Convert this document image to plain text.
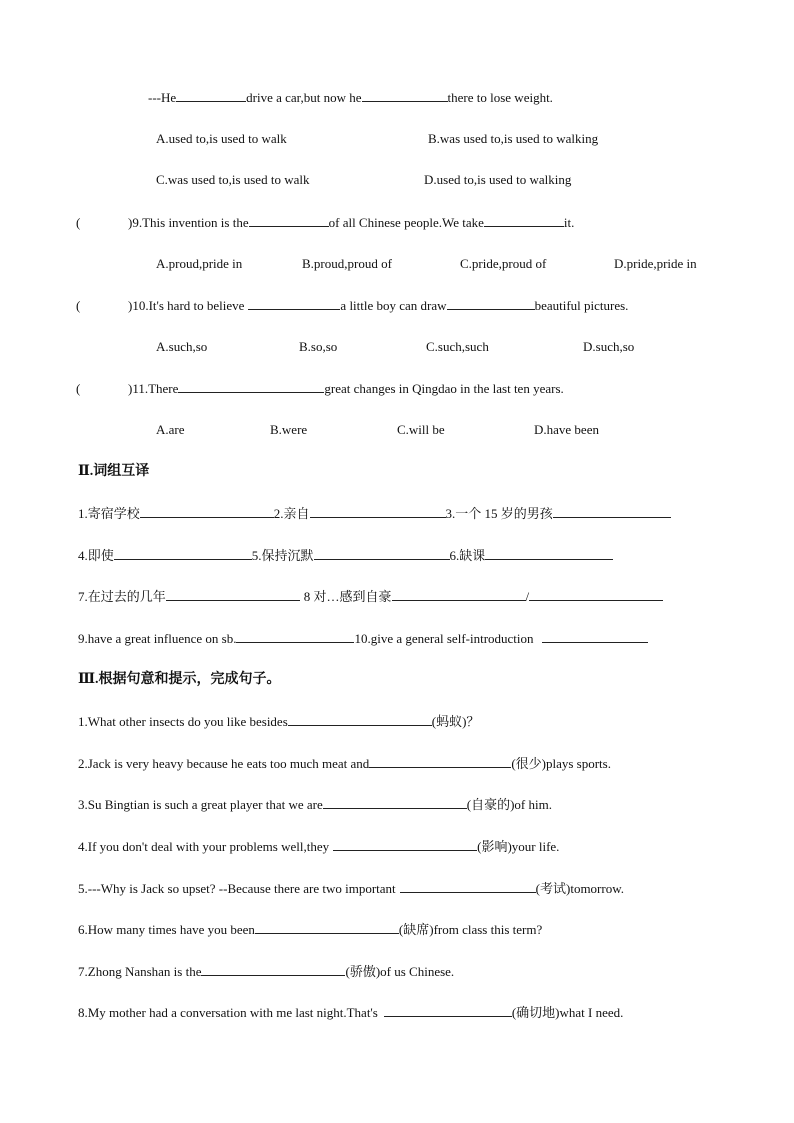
---He	drive a car,but now he	there to lose weight.
A.used to,is used to walk	B.was used to,is used to walking
C.was used to,is used to walk	D.used to,is used to walking
(	)9.This invention is the	of all Chinese people.We take	it.
A.proud,pride in	B.proud,proud of	C.pride,proud of	D.pride,pride in
(	)10.It's hard to believe	a little boy can draw	beautiful pictures.
A.such,so	B.so,so	C.such,such	D.such,so
(	)11.There	great changes in Qingdao in the last ten years.
A.are	B.were	C.will be	D.have been
Ⅱ.词组互译
1.寄宿学校	2.亲自	3.一个 15 岁的男孩
4.即使	5.保持沉默	6.缺课
7.在过去的几年	8 对…感到自豪	/
9.have a great influence on sb.	10.give a general self-introduction
Ⅲ.根据句意和提示，完成句子。
1.What other insects do you like besides	(蚂蚁)？
2.Jack is very heavy because he eats too much meat and	(很少)plays sports.
3.Su Bingtian is such a great player that we are	(自豪的)of him.
4.If you don't deal with your problems well,they	(影响)your life.
5.---Why is Jack so upset? --Because there are two important	(考试)tomorrow.
6.How many times have you been	(缺席)from class this term?
7.Zhong Nanshan is the	(骄傲)of us Chinese.
8.My mother had a conversation with me last night.That's	(确切地)what I need.
